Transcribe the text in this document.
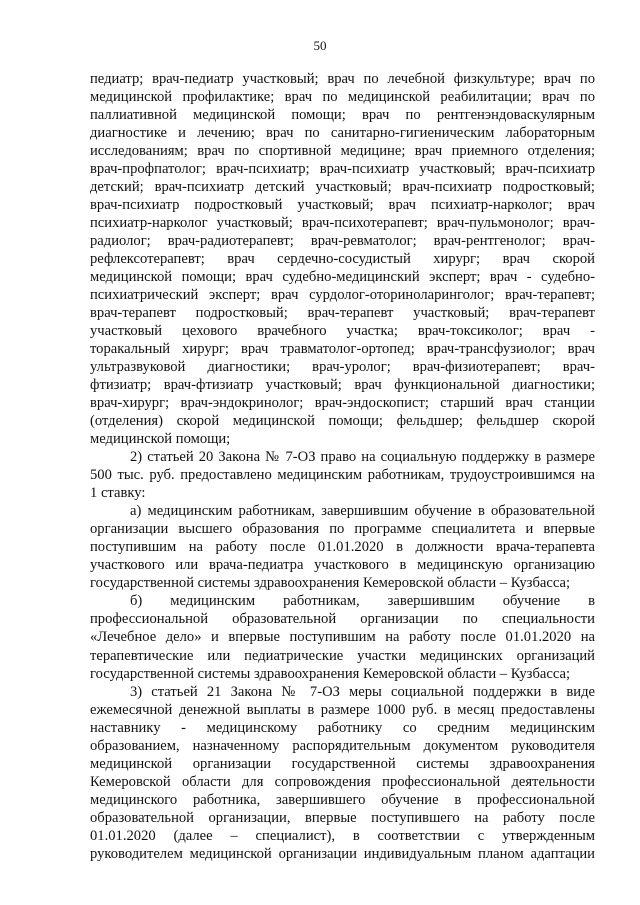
50

педиатр; врач-педиатр участковый; врач по лечебной физкультуре; врач по

медицинской профилактике; врач по медицинской реабилитации; врач по

паллиативной медицинской помощи; врач по рентгенэндоваскулярным

диагностике и лечению; врач по санитарно-гигиеническим лабораторным

исследованиям; врач по спортивной медицине; врач приемного отделения;

врач-профпатолог; врач-психиатр; врач-психиатр участковый; врач-психиатр

детский; врач-психиатр детский участковый; врач-психиатр подростковый;

врач-психиатр подростковый участковый; врач психиатр-нарколог; врач

психиатр-нарколог участковый; врач-психотерапевт; врач-пульмонолог; врач-

радиолог; врач-радиотерапевт; врач-ревматолог; врач-рентгенолог; врач-

рефлексотерапевт; врач сердечно-сосудистый хирург; врач скорой

медицинской помощи; врач судебно-медицинский эксперт; врач - судебно-

психиатрический эксперт; врач сурдолог-оториноларинголог; врач-терапевт;

врач-терапевт подростковый; врач-терапевт участковый; врач-терапевт

участковый цехового врачебного участка; врач-токсиколог; врач -

торакальный хирург; врач травматолог-ортопед; врач-трансфузиолог; врач

ультразвуковой диагностики; врач-уролог; врач-физиотерапевт; врач-

фтизиатр; врач-фтизиатр участковый; врач функциональной диагностики;

врач-хирург; врач-эндокринолог; врач-эндоскопист; старший врач станции

(отделения) скорой медицинской помощи; фельдшер; фельдшер скорой

медицинской помощи;

2) статьей 20 Закона № 7-ОЗ право на социальную поддержку в размере

500 тыс. руб. предоставлено медицинским работникам, трудоустроившимся на

1 ставку:

а) медицинским работникам, завершившим обучение в образовательной

организации высшего образования по программе специалитета и впервые

поступившим на работу после 01.01.2020 в должности врача-терапевта

участкового или врача-педиатра участкового в медицинскую организацию

государственной системы здравоохранения Кемеровской области – Кузбасса;

б) медицинским работникам, завершившим обучение в

профессиональной образовательной организации по специальности

«Лечебное дело» и впервые поступившим на работу после 01.01.2020 на

терапевтические или педиатрические участки медицинских организаций

государственной системы здравоохранения Кемеровской области – Кузбасса;

3) статьей 21 Закона № 7-ОЗ меры социальной поддержки в виде

ежемесячной денежной выплаты в размере 1000 руб. в месяц предоставлены

наставнику - медицинскому работнику со средним медицинским

образованием, назначенному распорядительным документом руководителя

медицинской организации государственной системы здравоохранения

Кемеровской области для сопровождения профессиональной деятельности

медицинского работника, завершившего обучение в профессиональной

образовательной организации, впервые поступившего на работу после

01.01.2020 (далее – специалист), в соответствии с утвержденным

руководителем медицинской организации индивидуальным планом адаптации
